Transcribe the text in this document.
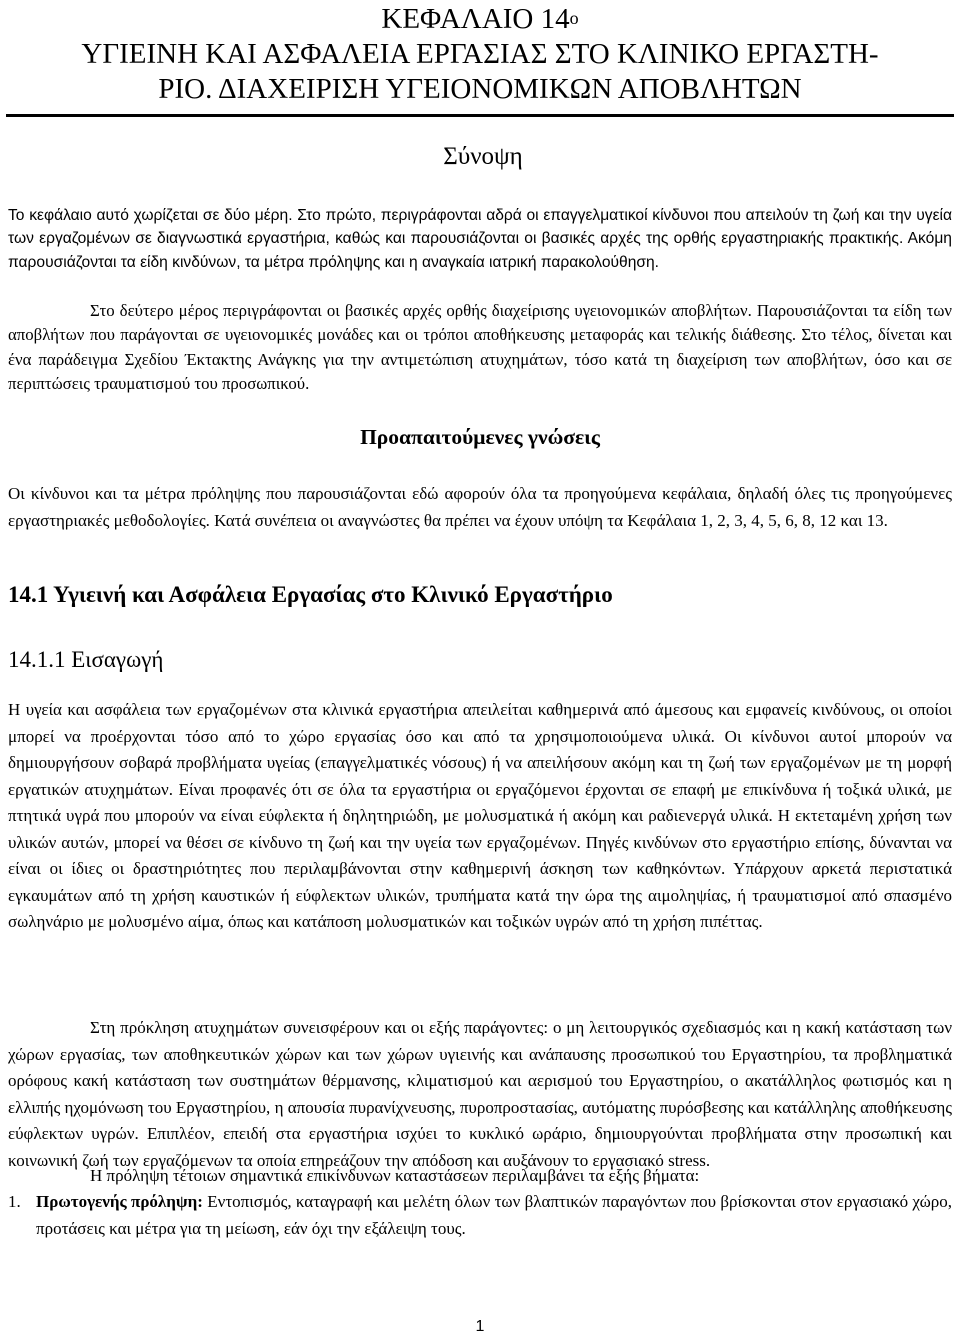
ΚΕΦΑΛΑΙΟ $14^o$
ΥΓΙΕΙΝΗ ΚΑΙ ΑΣΦΑΛΕΙΑ ΕΡΓΑΣΙΑΣ ΣΤΟ ΚΛΙΝΙΚΟ ΕΡΓΑΣΤΗ-
ΡΙΟ. ΔΙΑΧΕΙΡΙΣΗ ΥΓΕΙΟΝΟΜΙΚΩΝ ΑΠΟΒΛΗΤΩΝ
Σύνοψη

Το κεφάλαιο αυτό χωρίζεται σε δύο μέρη. Στο πρώτο, περιγράφονται αδρά οι επαγγελματικοί κίνδυνοι που απειλούν τη ζωή και την υγεία των εργαζομένων σε διαγνωστικά εργαστήρια, καθώς και παρουσιάζονται οι βασικές αρχές της ορθής εργαστηριακής πρακτικής. Ακόμη παρουσιάζονται τα είδη κινδύνων, τα μέτρα πρόληψης και η αναγκαία ιατρική παρακολούθηση.

Στο δεύτερο μέρος περιγράφονται οι βασικές αρχές ορθής διαχείρισης υγειονομικών αποβλήτων. Παρουσιάζονται τα είδη των αποβλήτων που παράγονται σε υγειονομικές μονάδες και οι τρόποι αποθήκευσης μεταφοράς και τελικής διάθεσης. Στο τέλος, δίνεται και ένα παράδειγμα Σχεδίου Έκτακτης Ανάγκης για την αντιμετώπιση ατυχημάτων, τόσο κατά τη διαχείριση των αποβλήτων, όσο και σε περιπτώσεις τραυματισμού του προσωπικού.

Προαπαιτούμενες γνώσεις

Οι κίνδυνοι και τα μέτρα πρόληψης που παρουσιάζονται εδώ αφορούν όλα τα προηγούμενα κεφάλαια, δηλαδή όλες τις προηγούμενες εργαστηριακές μεθοδολογίες. Κατά συνέπεια οι αναγνώστες θα πρέπει να έχουν υπόψη τα Κεφάλαια 1, 2, 3, 4, 5, 6, 8, 12 και 13.

14.1 Υγιεινή και Ασφάλεια Εργασίας στο Κλινικό Εργαστήριο
14.1.1 Εισαγωγή

Η υγεία και ασφάλεια των εργαζομένων στα κλινικά εργαστήρια απειλείται καθημερινά από άμεσους και εμφανείς κινδύνους, οι οποίοι μπορεί να προέρχονται τόσο από το χώρο εργασίας όσο και από τα χρησιμοποιούμενα υλικά. Οι κίνδυνοι αυτοί μπορούν να δημιουργήσουν σοβαρά προβλήματα υγείας (επαγγελματικές νόσους) ή να απειλήσουν ακόμη και τη ζωή των εργαζομένων με τη μορφή εργατικών ατυχημάτων. Είναι προφανές ότι σε όλα τα εργαστήρια οι εργαζόμενοι έρχονται σε επαφή με επικίνδυνα ή τοξικά υλικά, με πτητικά υγρά που μπορούν να είναι εύφλεκτα ή δηλητηριώδη, με μολυσματικά ή ακόμη και ραδιενεργά υλικά. Η εκτεταμένη χρήση των υλικών αυτών, μπορεί να θέσει σε κίνδυνο τη ζωή και την υγεία των εργαζομένων. Πηγές κινδύνων στο εργαστήριο επίσης, δύνανται να είναι οι ίδιες οι δραστηριότητες που περιλαμβάνονται στην καθημερινή άσκηση των καθηκόντων. Υπάρχουν αρκετά περιστατικά εγκαυμάτων από τη χρήση καυστικών ή εύφλεκτων υλικών, τρυπήματα κατά την ώρα της αιμοληψίας, ή τραυματισμοί από σπασμένο σωληνάριο με μολυσμένο αίμα, όπως και κατάποση μολυσματικών και τοξικών υγρών από τη χρήση πιπέττας.

Στη πρόκληση ατυχημάτων συνεισφέρουν και οι εξής παράγοντες: ο μη λειτουργικός σχεδιασμός και η κακή κατάσταση των χώρων εργασίας, των αποθηκευτικών χώρων και των χώρων υγιεινής και ανάπαυσης προσωπικού του Εργαστηρίου, τα προβληματικά ορόφους κακή κατάσταση των συστημάτων θέρμανσης, κλιματισμού και αερισμού του Εργαστηρίου, ο ακατάλληλος φωτισμός και η ελλιπής ηχομόνωση του Εργαστηρίου, η απουσία πυρανίχνευσης, πυροπροστασίας, αυτόματης πυρόσβεσης και κατάλληλης αποθήκευσης εύφλεκτων υγρών. Επιπλέον, επειδή στα εργαστήρια ισχύει το κυκλικό ωράριο, δημιουργούνται προβλήματα στην προσωπική και κοινωνική ζωή των εργαζόμενων τα οποία επηρεάζουν την απόδοση και αυξάνουν το εργασιακό stress.

Η πρόληψη τέτοιων σημαντικά επικίνδυνων καταστάσεων περιλαμβάνει τα εξής βήματα:

1. Πρωτογενής πρόληψη: Εντοπισμός, καταγραφή και μελέτη όλων των βλαπτικών παραγόντων που βρίσκονται στον εργασιακό χώρο, προτάσεις και μέτρα για τη μείωση, εάν όχι την εξάλειψη τους.
1
